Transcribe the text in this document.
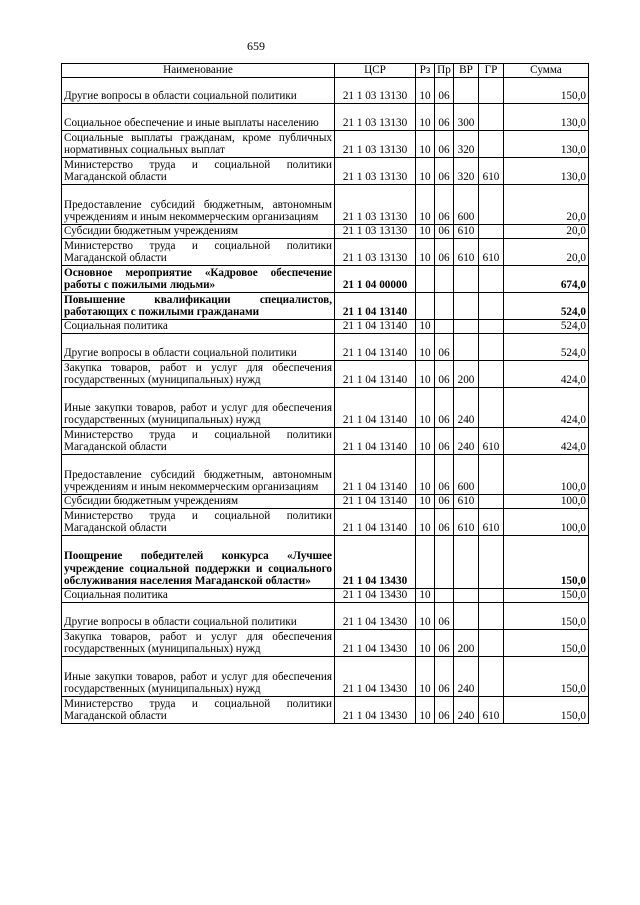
659
Наименование	ЦСР	Рз	Пр	ВР	ГР	Сумма
Другие вопросы в области социальной политики	21 1 03 13130	10	06			150,0
Социальное обеспечение и иные выплаты населению	21 1 03 13130	10	06	300		130,0
Социальные выплаты гражданам, кроме публичных нормативных социальных выплат	21 1 03 13130	10	06	320		130,0
Министерство труда и социальной политики Магаданской области	21 1 03 13130	10	06	320	610	130,0
Предоставление субсидий бюджетным, автономным учреждениям и иным некоммерческим организациям	21 1 03 13130	10	06	600		20,0
Субсидии бюджетным учреждениям	21 1 03 13130	10	06	610		20,0
Министерство труда и социальной политики Магаданской области	21 1 03 13130	10	06	610	610	20,0
Основное мероприятие «Кадровое обеспечение работы с пожилыми людьми»	21 1 04 00000					674,0
Повышение квалификации специалистов, работающих с пожилыми гражданами	21 1 04 13140					524,0
Социальная политика	21 1 04 13140	10				524,0
Другие вопросы в области социальной политики	21 1 04 13140	10	06			524,0
Закупка товаров, работ и услуг для обеспечения государственных (муниципальных) нужд	21 1 04 13140	10	06	200		424,0
Иные закупки товаров, работ и услуг для обеспечения государственных (муниципальных) нужд	21 1 04 13140	10	06	240		424,0
Министерство труда и социальной политики Магаданской области	21 1 04 13140	10	06	240	610	424,0
Предоставление субсидий бюджетным, автономным учреждениям и иным некоммерческим организациям	21 1 04 13140	10	06	600		100,0
Субсидии бюджетным учреждениям	21 1 04 13140	10	06	610		100,0
Министерство труда и социальной политики Магаданской области	21 1 04 13140	10	06	610	610	100,0
Поощрение победителей конкурса «Лучшее учреждение социальной поддержки и социального обслуживания населения Магаданской области»	21 1 04 13430					150,0
Социальная политика	21 1 04 13430	10				150,0
Другие вопросы в области социальной политики	21 1 04 13430	10	06			150,0
Закупка товаров, работ и услуг для обеспечения государственных (муниципальных) нужд	21 1 04 13430	10	06	200		150,0
Иные закупки товаров, работ и услуг для обеспечения государственных (муниципальных) нужд	21 1 04 13430	10	06	240		150,0
Министерство труда и социальной политики Магаданской области	21 1 04 13430	10	06	240	610	150,0
